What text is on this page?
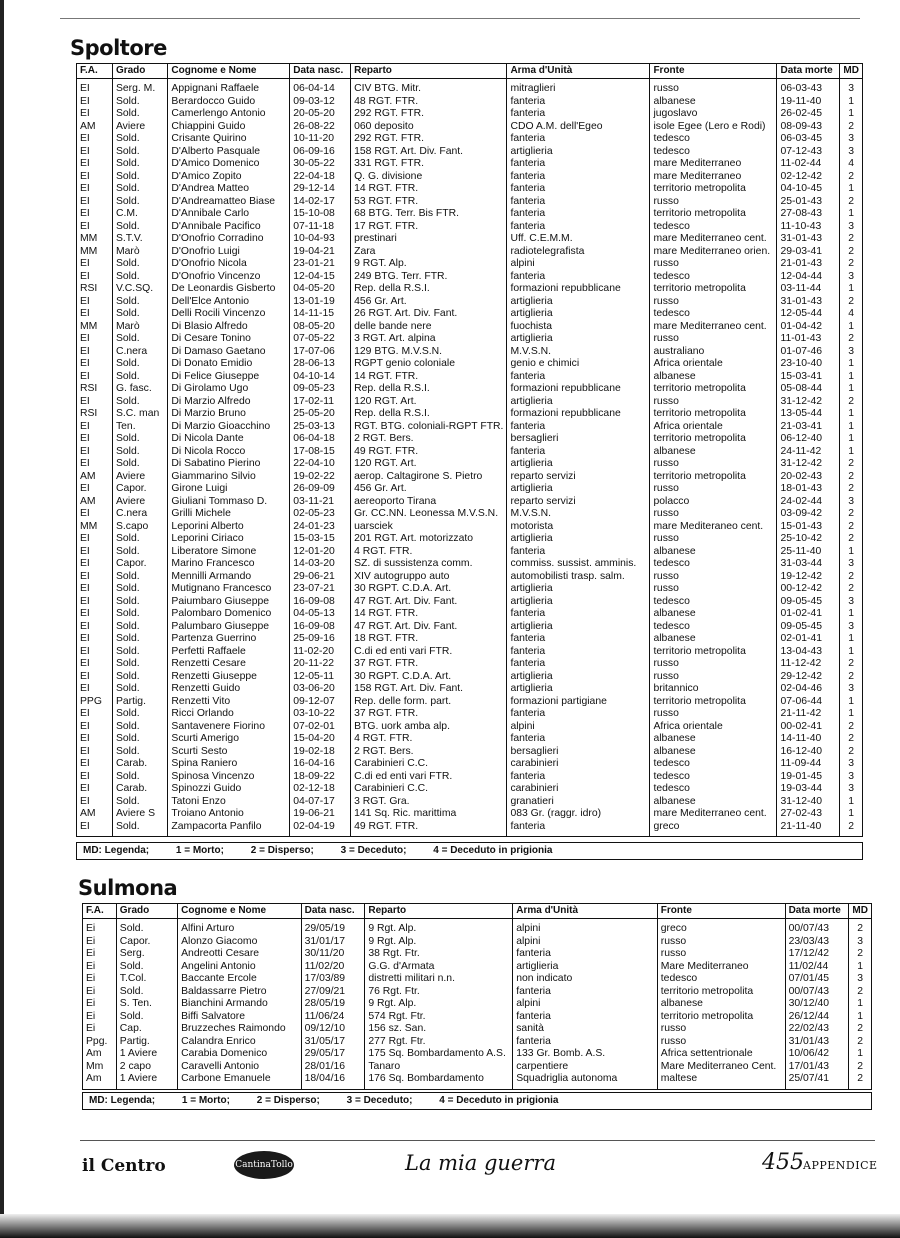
Spoltore
F.A.	Grado	Cognome e Nome	Data nasc.	Reparto	Arma d'Unità	Fronte	Data morte	MD
EI	Serg. M.	Appignani Raffaele	06-04-14	CIV BTG. Mitr.	mitraglieri	russo	06-03-43	3
EI	Sold.	Berardocco Guido	09-03-12	48 RGT. FTR.	fanteria	albanese	19-11-40	1
EI	Sold.	Camerlengo Antonio	20-05-20	292 RGT. FTR.	fanteria	jugoslavo	26-02-45	1
AM	Aviere	Chiappini Guido	26-08-22	060 deposito	CDO A.M. dell'Egeo	isole Egee (Lero e Rodi)	08-09-43	2
EI	Sold.	Crisante Quirino	10-11-20	292 RGT. FTR.	fanteria	tedesco	06-03-45	3
EI	Sold.	D'Alberto Pasquale	06-09-16	158 RGT. Art. Div. Fant.	artiglieria	tedesco	07-12-43	3
EI	Sold.	D'Amico Domenico	30-05-22	331 RGT. FTR.	fanteria	mare Mediterraneo	11-02-44	4
EI	Sold.	D'Amico Zopito	22-04-18	Q. G. divisione	fanteria	mare Mediterraneo	02-12-42	2
EI	Sold.	D'Andrea Matteo	29-12-14	14 RGT. FTR.	fanteria	territorio metropolita	04-10-45	1
EI	Sold.	D'Andreamatteo Biase	14-02-17	53 RGT. FTR.	fanteria	russo	25-01-43	2
EI	C.M.	D'Annibale Carlo	15-10-08	68 BTG. Terr. Bis FTR.	fanteria	territorio metropolita	27-08-43	1
EI	Sold.	D'Annibale Pacifico	07-11-18	17 RGT. FTR.	fanteria	tedesco	11-10-43	3
MM	S.T.V.	D'Onofrio Corradino	10-04-93	prestinari	Uff. C.E.M.M.	mare Mediterraneo cent.	31-01-43	2
MM	Marò	D'Onofrio Luigi	19-04-21	Zara	radiotelegrafista	mare Mediterraneo orien.	29-03-41	2
EI	Sold.	D'Onofrio Nicola	23-01-21	9 RGT. Alp.	alpini	russo	21-01-43	2
EI	Sold.	D'Onofrio Vincenzo	12-04-15	249 BTG. Terr. FTR.	fanteria	tedesco	12-04-44	3
RSI	V.C.SQ.	De Leonardis Gisberto	04-05-20	Rep. della R.S.I.	formazioni repubblicane	territorio metropolita	03-11-44	1
EI	Sold.	Dell'Elce Antonio	13-01-19	456 Gr. Art.	artiglieria	russo	31-01-43	2
EI	Sold.	Delli Rocili Vincenzo	14-11-15	26 RGT. Art. Div. Fant.	artiglieria	tedesco	12-05-44	4
MM	Marò	Di Blasio Alfredo	08-05-20	delle bande nere	fuochista	mare Mediterraneo cent.	01-04-42	1
EI	Sold.	Di Cesare Tonino	07-05-22	3 RGT. Art. alpina	artiglieria	russo	11-01-43	2
EI	C.nera	Di Damaso Gaetano	17-07-06	129 BTG. M.V.S.N.	M.V.S.N.	australiano	01-07-46	3
EI	Sold.	Di Donato Emidio	28-06-13	RGPT genio coloniale	genio e chimici	Africa orientale	23-10-40	1
EI	Sold.	Di Felice Giuseppe	04-10-14	14 RGT. FTR.	fanteria	albanese	15-03-41	1
RSI	G. fasc.	Di Girolamo Ugo	09-05-23	Rep. della R.S.I.	formazioni repubblicane	territorio metropolita	05-08-44	1
EI	Sold.	Di Marzio Alfredo	17-02-11	120 RGT. Art.	artiglieria	russo	31-12-42	2
RSI	S.C. man	Di Marzio Bruno	25-05-20	Rep. della R.S.I.	formazioni repubblicane	territorio metropolita	13-05-44	1
EI	Ten.	Di Marzio Gioacchino	25-03-13	RGT. BTG. coloniali-RGPT FTR.	fanteria	Africa orientale	21-03-41	1
EI	Sold.	Di Nicola Dante	06-04-18	2 RGT. Bers.	bersaglieri	territorio metropolita	06-12-40	1
EI	Sold.	Di Nicola Rocco	17-08-15	49 RGT. FTR.	fanteria	albanese	24-11-42	1
EI	Sold.	Di Sabatino Pierino	22-04-10	120 RGT. Art.	artiglieria	russo	31-12-42	2
AM	Aviere	Giammarino Silvio	19-02-22	aerop. Caltagirone S. Pietro	reparto servizi	territorio metropolita	20-02-43	2
EI	Capor.	Girone Luigi	26-09-09	456 Gr. Art.	artiglieria	russo	18-01-43	2
AM	Aviere	Giuliani Tommaso D.	03-11-21	aereoporto Tirana	reparto servizi	polacco	24-02-44	3
EI	C.nera	Grilli Michele	02-05-23	Gr. CC.NN. Leonessa M.V.S.N.	M.V.S.N.	russo	03-09-42	2
MM	S.capo	Leporini Alberto	24-01-23	uarsciek	motorista	mare Mediteraneo cent.	15-01-43	2
EI	Sold.	Leporini Ciriaco	15-03-15	201 RGT. Art. motorizzato	artiglieria	russo	25-10-42	2
EI	Sold.	Liberatore Simone	12-01-20	4 RGT. FTR.	fanteria	albanese	25-11-40	1
EI	Capor.	Marino Francesco	14-03-20	SZ. di sussistenza comm.	commiss. sussist. amminis.	tedesco	31-03-44	3
EI	Sold.	Mennilli Armando	29-06-21	XIV autogruppo auto	automobilisti trasp. salm.	russo	19-12-42	2
EI	Sold.	Mutignano Francesco	23-07-21	30 RGPT. C.D.A. Art.	artiglieria	russo	00-12-42	2
EI	Sold.	Paiumbaro Giuseppe	16-09-08	47 RGT. Art. Div. Fant.	artiglieria	tedesco	09-05-45	3
EI	Sold.	Palombaro Domenico	04-05-13	14 RGT. FTR.	fanteria	albanese	01-02-41	1
EI	Sold.	Palumbaro Giuseppe	16-09-08	47 RGT. Art. Div. Fant.	artiglieria	tedesco	09-05-45	3
EI	Sold.	Partenza Guerrino	25-09-16	18 RGT. FTR.	fanteria	albanese	02-01-41	1
EI	Sold.	Perfetti Raffaele	11-02-20	C.di ed enti vari FTR.	fanteria	territorio metropolita	13-04-43	1
EI	Sold.	Renzetti Cesare	20-11-22	37 RGT. FTR.	fanteria	russo	11-12-42	2
EI	Sold.	Renzetti Giuseppe	12-05-11	30 RGPT. C.D.A. Art.	artiglieria	russo	29-12-42	2
EI	Sold.	Renzetti Guido	03-06-20	158 RGT. Art. Div. Fant.	artiglieria	britannico	02-04-46	3
PPG	Partig.	Renzetti Vito	09-12-07	Rep. delle form. part.	formazioni partigiane	territorio metropolita	07-06-44	1
EI	Sold.	Ricci Orlando	03-10-22	37 RGT. FTR.	fanteria	russo	21-11-42	1
EI	Sold.	Santavenere Fiorino	07-02-01	BTG. uork amba alp.	alpini	Africa orientale	00-02-41	2
EI	Sold.	Scurti Amerigo	15-04-20	4 RGT. FTR.	fanteria	albanese	14-11-40	2
EI	Sold.	Scurti Sesto	19-02-18	2 RGT. Bers.	bersaglieri	albanese	16-12-40	2
EI	Carab.	Spina Raniero	16-04-16	Carabinieri C.C.	carabinieri	tedesco	11-09-44	3
EI	Sold.	Spinosa Vincenzo	18-09-22	C.di ed enti vari FTR.	fanteria	tedesco	19-01-45	3
EI	Carab.	Spinozzi Guido	02-12-18	Carabinieri C.C.	carabinieri	tedesco	19-03-44	3
EI	Sold.	Tatoni Enzo	04-07-17	3 RGT. Gra.	granatieri	albanese	31-12-40	1
AM	Aviere S	Troiano Antonio	19-06-21	141 Sq. Ric. marittima	083 Gr. (raggr. idro)	mare Mediterraneo cent.	27-02-43	1
EI	Sold.	Zampacorta Panfilo	02-04-19	49 RGT. FTR.	fanteria	greco	21-11-40	2
MD: Legenda;	1 = Morto;	2 = Disperso;	3 = Deceduto;	4 = Deceduto in prigionia
Sulmona
F.A.	Grado	Cognome e Nome	Data nasc.	Reparto	Arma d'Unità	Fronte	Data morte	MD
Ei	Sold.	Alfini Arturo	29/05/19	9 Rgt. Alp.	alpini	greco	00/07/43	2
Ei	Capor.	Alonzo Giacomo	31/01/17	9 Rgt. Alp.	alpini	russo	23/03/43	3
Ei	Serg.	Andreotti Cesare	30/11/20	38 Rgt. Ftr.	fanteria	russo	17/12/42	2
Ei	Sold.	Angelini Antonio	11/02/20	G.G. d'Armata	artiglieria	Mare Mediterraneo	11/02/44	1
Ei	T.Col.	Baccante Ercole	17/03/89	distretti militari n.n.	non indicato	tedesco	07/01/45	3
Ei	Sold.	Baldassarre Pietro	27/09/21	76 Rgt. Ftr.	fanteria	territorio metropolita	00/07/43	2
Ei	S. Ten.	Bianchini Armando	28/05/19	9 Rgt. Alp.	alpini	albanese	30/12/40	1
Ei	Sold.	Biffi Salvatore	11/06/24	574 Rgt. Ftr.	fanteria	territorio metropolita	26/12/44	1
Ei	Cap.	Bruzzeches Raimondo	09/12/10	156 sz. San.	sanità	russo	22/02/43	2
Ppg.	Partig.	Calandra Enrico	31/05/17	277 Rgt. Ftr.	fanteria	russo	31/01/43	2
Am	1 Aviere	Carabia Domenico	29/05/17	175 Sq. Bombardamento A.S.	133 Gr. Bomb. A.S.	Africa settentrionale	10/06/42	1
Mm	2 capo	Caravelli Antonio	28/01/16	Tanaro	carpentiere	Mare Mediterraneo Cent.	17/01/43	2
Am	1 Aviere	Carbone Emanuele	18/04/16	176 Sq. Bombardamento	Squadriglia autonoma	maltese	25/07/41	2
MD: Legenda;	1 = Morto;	2 = Disperso;	3 = Deceduto;	4 = Deceduto in prigionia
il Centro	CantinaTollo	La mia guerra	455 APPENDICE
